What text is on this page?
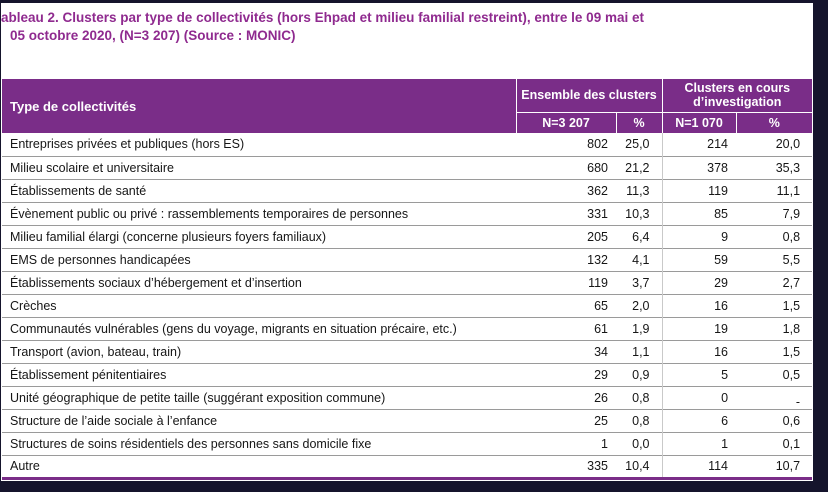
ableau 2. Clusters par type de collectivités (hors Ehpad et milieu familial restreint), entre le 09 mai et
05 octobre 2020, (N=3 207) (Source : MONIC)
Type de collectivités	Ensemble des clusters		Clusters en cours d’investigation	
	N=3 207	%	N=1 070	%
Entreprises privées et publiques (hors ES)	802	25,0	214	20,0
Milieu scolaire et universitaire	680	21,2	378	35,3
Établissements de santé	362	11,3	119	11,1
Évènement public ou privé : rassemblements temporaires de personnes	331	10,3	85	7,9
Milieu familial élargi (concerne plusieurs foyers familiaux)	205	6,4	9	0,8
EMS de personnes handicapées	132	4,1	59	5,5
Établissements sociaux d’hébergement et d’insertion	119	3,7	29	2,7
Crèches	65	2,0	16	1,5
Communautés vulnérables (gens du voyage, migrants en situation précaire, etc.)	61	1,9	19	1,8
Transport (avion, bateau, train)	34	1,1	16	1,5
Établissement pénitentiaires	29	0,9	5	0,5
Unité géographique de petite taille (suggérant exposition commune)	26	0,8	0	-
Structure de l’aide sociale à l’enfance	25	0,8	6	0,6
Structures de soins résidentiels des personnes sans domicile fixe	1	0,0	1	0,1
Autre	335	10,4	114	10,7
